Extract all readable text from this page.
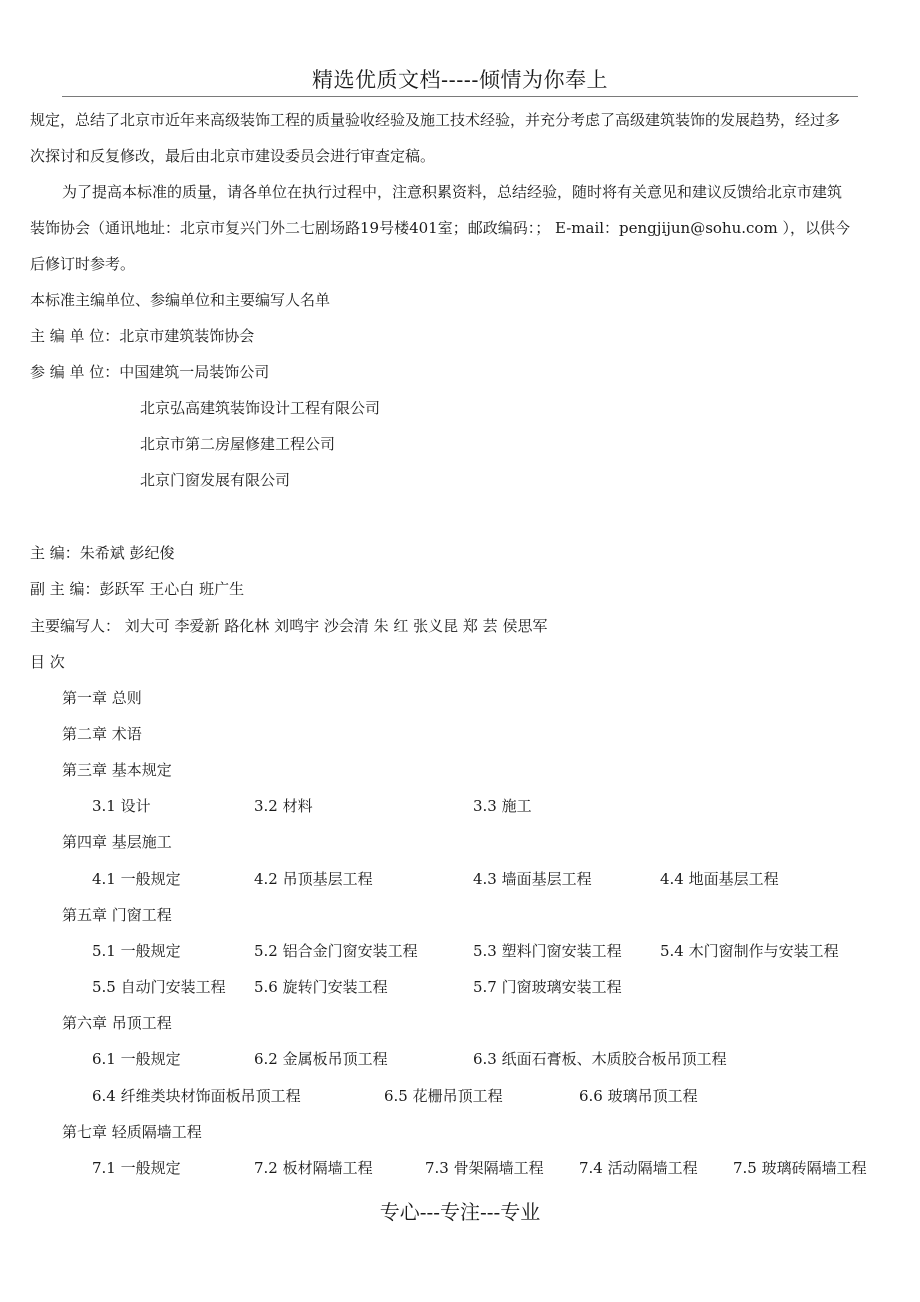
精选优质文档-----倾情为你奉上
规定，总结了北京市近年来高级装饰工程的质量验收经验及施工技术经验，并充分考虑了高级建筑装饰的发展趋势，经过多
次探讨和反复修改，最后由北京市建设委员会进行审查定稿。
为了提高本标准的质量，请各单位在执行过程中，注意积累资料，总结经验，随时将有关意见和建议反馈给北京市建筑
装饰协会（通讯地址：北京市复兴门外二七剧场路19号楼401室；邮政编码：； E-mail：pengjijun@sohu.com ），以供今
后修订时参考。
本标准主编单位、参编单位和主要编写人名单
主 编 单 位：北京市建筑装饰协会
参 编 单 位：中国建筑一局装饰公司
北京弘高建筑装饰设计工程有限公司
北京市第二房屋修建工程公司
北京门窗发展有限公司
主 编：朱希斌 彭纪俊
副 主 编：彭跃军 王心白 班广生
主要编写人： 刘大可 李爱新 路化林 刘鸣宇 沙会清 朱 红 张义昆 郑 芸 侯思军
目 次
第一章 总则
第二章 术语
第三章 基本规定
3.1 设计	3.2 材料	3.3 施工
第四章 基层施工
4.1 一般规定	4.2 吊顶基层工程	4.3 墙面基层工程	4.4 地面基层工程
第五章 门窗工程
5.1 一般规定	5.2 铝合金门窗安装工程	5.3 塑料门窗安装工程	5.4 木门窗制作与安装工程
5.5 自动门安装工程 5.6 旋转门安装工程	5.7 门窗玻璃安装工程
第六章 吊顶工程
6.1 一般规定	6.2 金属板吊顶工程	6.3 纸面石膏板、木质胶合板吊顶工程
6.4 纤维类块材饰面板吊顶工程	6.5 花栅吊顶工程	6.6 玻璃吊顶工程
第七章 轻质隔墙工程
7.1 一般规定	7.2 板材隔墙工程	7.3 骨架隔墙工程 7.4 活动隔墙工程 7.5 玻璃砖隔墙工程
专心---专注---专业
